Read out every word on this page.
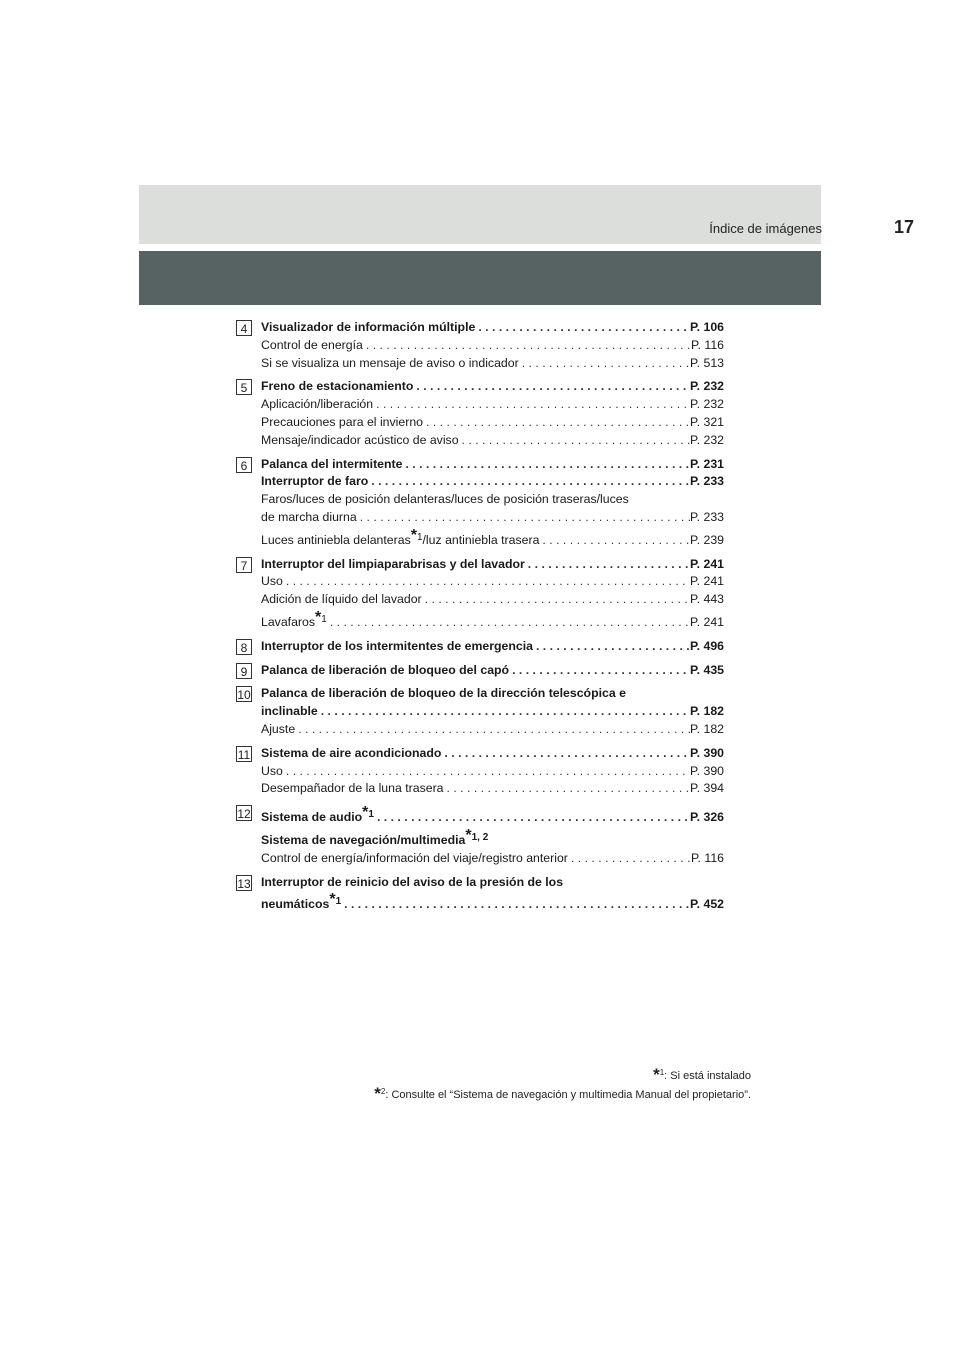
Índice de imágenes	17
4	Visualizador de información múltiple . . .	P. 106
Control de energía . . .	P. 116
Si se visualiza un mensaje de aviso o indicador . . .	P. 513
5	Freno de estacionamiento . . .	P. 232
Aplicación/liberación . . .	P. 232
Precauciones para el invierno . . .	P. 321
Mensaje/indicador acústico de aviso . . .	P. 232
6	Palanca del intermitente . . .	P. 231
Interruptor de faro . . .	P. 233
Faros/luces de posición delanteras/luces de posición traseras/luces
de marcha diurna . . .	P. 233
Luces antiniebla delanteras$^{*1}$/luz antiniebla trasera . . .	P. 239
7	Interruptor del limpiaparabrisas y del lavador . . .	P. 241
Uso . . .	P. 241
Adición de líquido del lavador . . .	P. 443
Lavafaros$^{*1}$ . . .	P. 241
8	Interruptor de los intermitentes de emergencia . . .	P. 496
9	Palanca de liberación de bloqueo del capó . . .	P. 435
10 Palanca de liberación de bloqueo de la dirección telescópica e
inclinable . . .	P. 182
Ajuste . . .	P. 182
11 Sistema de aire acondicionado . . .	P. 390
Uso . . .	P. 390
Desempañador de la luna trasera . . .	P. 394
12 Sistema de audio$^{*1}$ . . .	P. 326
Sistema de navegación/multimedia$^{*1, 2}$
Control de energía/información del viaje/registro anterior . . .	P. 116
13 Interruptor de reinicio del aviso de la presión de los
neumáticos$^{*1}$ . . .	P. 452
*$^1$: Si está instalado
*$^2$: Consulte el “Sistema de navegación y multimedia Manual del propietario”.
